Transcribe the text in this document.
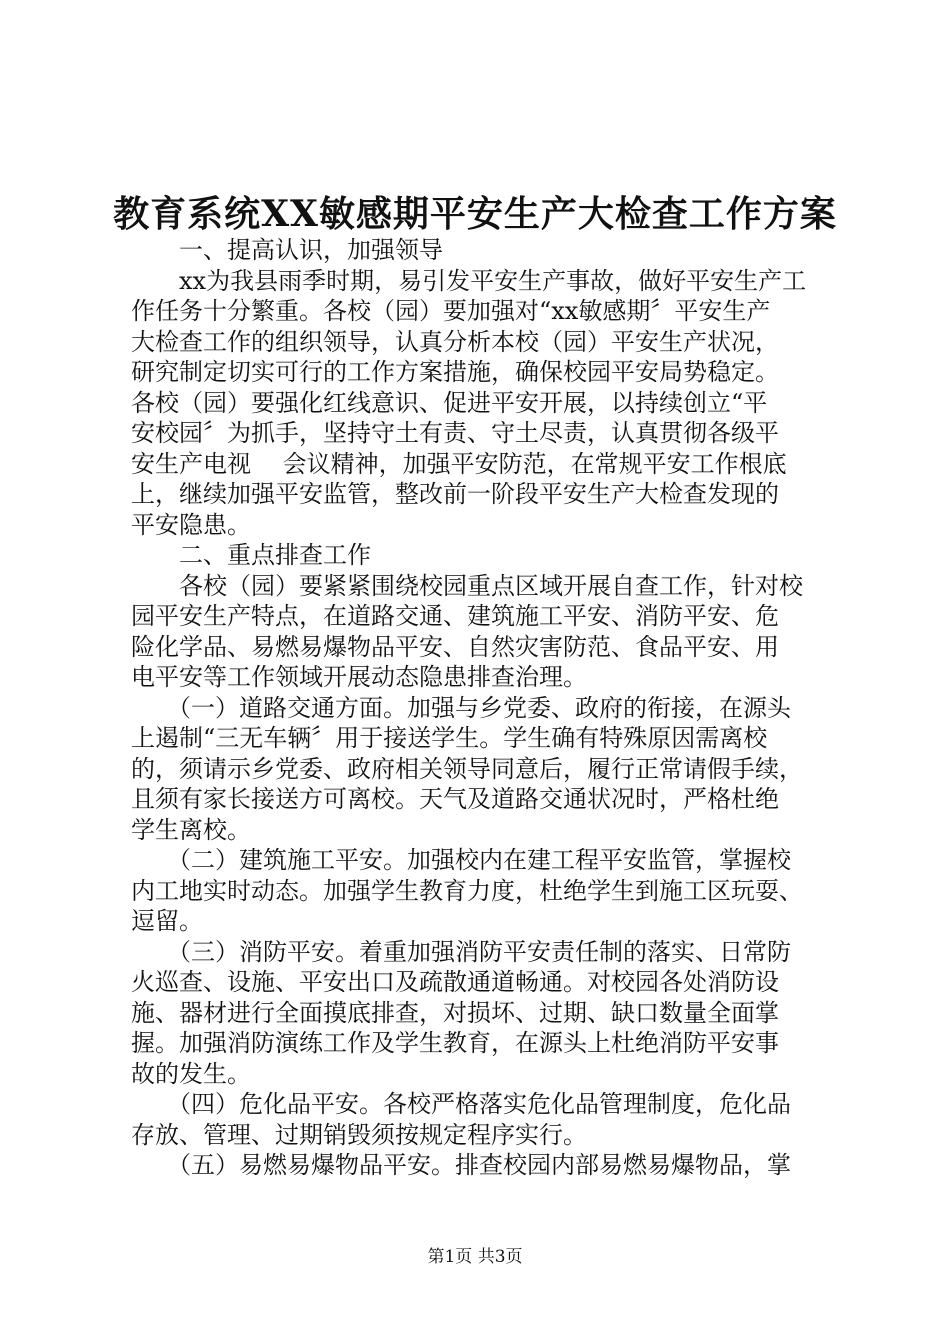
教育系统XX敏感期平安生产大检查工作方案
　　一、提高认识，加强领导
　　xx为我县雨季时期，易引发平安生产事故，做好平安生产工
作任务十分繁重。各校（园）要加强对“xx敏感期〞平安生产
大检查工作的组织领导，认真分析本校（园）平安生产状况，
研究制定切实可行的工作方案措施，确保校园平安局势稳定。
各校（园）要强化红线意识、促进平安开展，以持续创立“平
安校园〞为抓手，坚持守土有责、守土尽责，认真贯彻各级平
安生产电视　 会议精神，加强平安防范，在常规平安工作根底
上，继续加强平安监管，整改前一阶段平安生产大检查发现的
平安隐患。
　　二、重点排查工作
　　各校（园）要紧紧围绕校园重点区域开展自查工作，针对校
园平安生产特点，在道路交通、建筑施工平安、消防平安、危
险化学品、易燃易爆物品平安、自然灾害防范、食品平安、用
电平安等工作领域开展动态隐患排查治理。
　　（一）道路交通方面。加强与乡党委、政府的衔接，在源头
上遏制“三无车辆〞用于接送学生。学生确有特殊原因需离校
的，须请示乡党委、政府相关领导同意后，履行正常请假手续，
且须有家长接送方可离校。天气及道路交通状况时，严格杜绝
学生离校。
　　（二）建筑施工平安。加强校内在建工程平安监管，掌握校
内工地实时动态。加强学生教育力度，杜绝学生到施工区玩耍、
逗留。
　　（三）消防平安。着重加强消防平安责任制的落实、日常防
火巡查、设施、平安出口及疏散通道畅通。对校园各处消防设
施、器材进行全面摸底排查，对损坏、过期、缺口数量全面掌
握。加强消防演练工作及学生教育，在源头上杜绝消防平安事
故的发生。
　　（四）危化品平安。各校严格落实危化品管理制度，危化品
存放、管理、过期销毁须按规定程序实行。
　　（五）易燃易爆物品平安。排查校园内部易燃易爆物品，掌
第1页 共3页
